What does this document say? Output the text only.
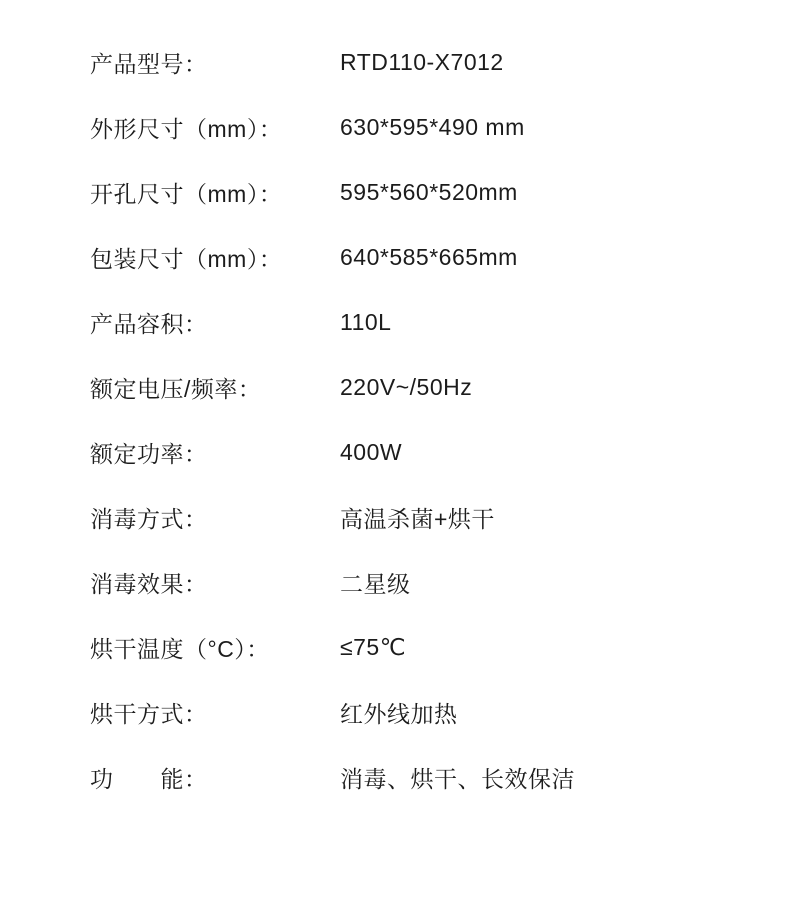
产品型号：	RTD110-X7012
外形尺寸（mm）：	630*595*490 mm
开孔尺寸（mm）：	595*560*520mm
包装尺寸（mm）：	640*585*665mm
产品容积：	110L
额定电压/频率：	220V~/50Hz
额定功率：	400W
消毒方式：	高温杀菌+烘干
消毒效果：	二星级
烘干温度（°C）：	≤75℃
烘干方式：	红外线加热
功　　能：	消毒、烘干、长效保洁
